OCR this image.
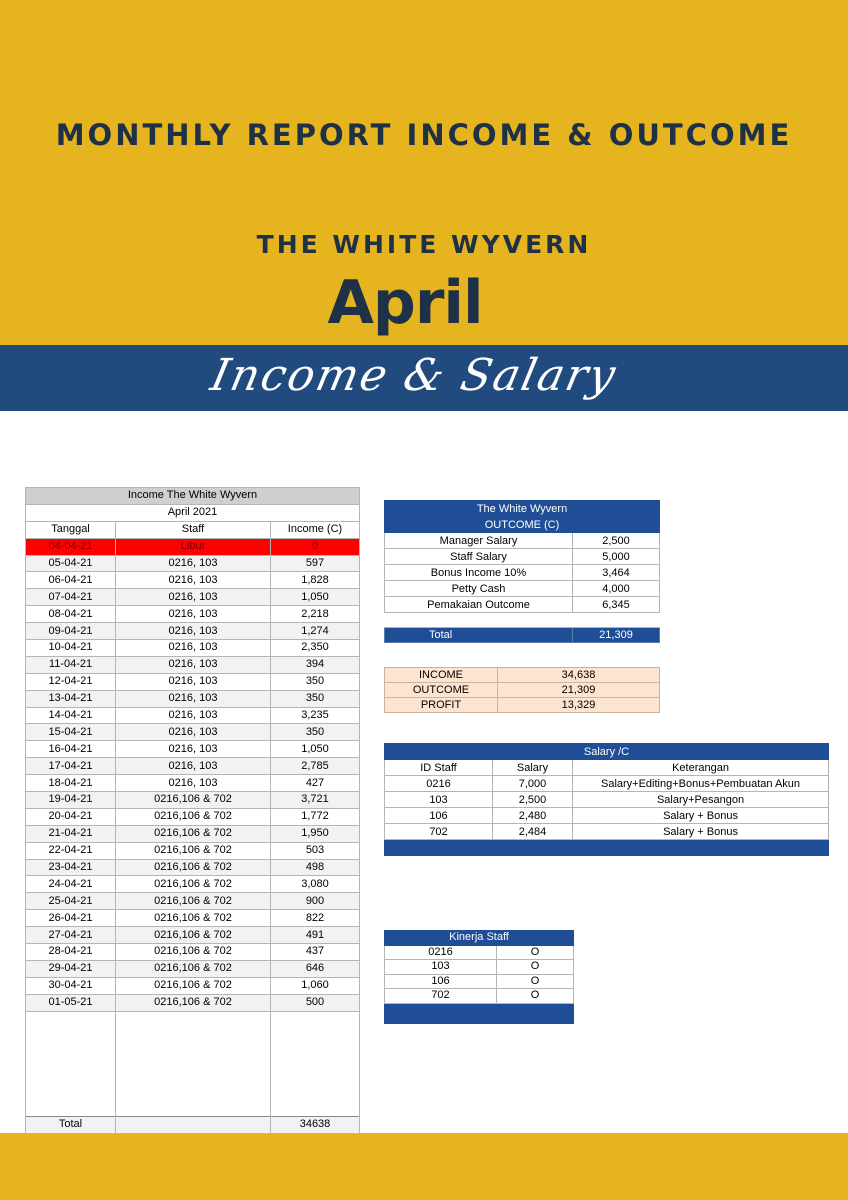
MONTHLY REPORT INCOME & OUTCOME
THE WHITE WYVERN
April
Income & Salary
Income The White Wyvern		
April 2021		
Tanggal	Staff	Income (C)
04-04-21	Libur	0
05-04-21	0216, 103	597
06-04-21	0216, 103	1,828
07-04-21	0216, 103	1,050
08-04-21	0216, 103	2,218
09-04-21	0216, 103	1,274
10-04-21	0216, 103	2,350
11-04-21	0216, 103	394
12-04-21	0216, 103	350
13-04-21	0216, 103	350
14-04-21	0216, 103	3,235
15-04-21	0216, 103	350
16-04-21	0216, 103	1,050
17-04-21	0216, 103	2,785
18-04-21	0216, 103	427
19-04-21	0216,106 & 702	3,721
20-04-21	0216,106 & 702	1,772
21-04-21	0216,106 & 702	1,950
22-04-21	0216,106 & 702	503
23-04-21	0216,106 & 702	498
24-04-21	0216,106 & 702	3,080
25-04-21	0216,106 & 702	900
26-04-21	0216,106 & 702	822
27-04-21	0216,106 & 702	491
28-04-21	0216,106 & 702	437
29-04-21	0216,106 & 702	646
30-04-21	0216,106 & 702	1,060
01-05-21	0216,106 & 702	500

Total		34638
The White Wyvern	
OUTCOME (C)	
Manager Salary	2,500
Staff Salary	5,000
Bonus Income 10%	3,464
Petty Cash	4,000
Pemakaian Outcome	6,345

Total	21,309
INCOME	34,638
OUTCOME	21,309
PROFIT	13,329
Salary /C		
ID Staff	Salary	Keterangan
0216	7,000	Salary+Editing+Bonus+Pembuatan Akun
103	2,500	Salary+Pesangon
106	2,480	Salary + Bonus
702	2,484	Salary + Bonus

Kinerja Staff	
0216	O
103	O
106	O
702	O
